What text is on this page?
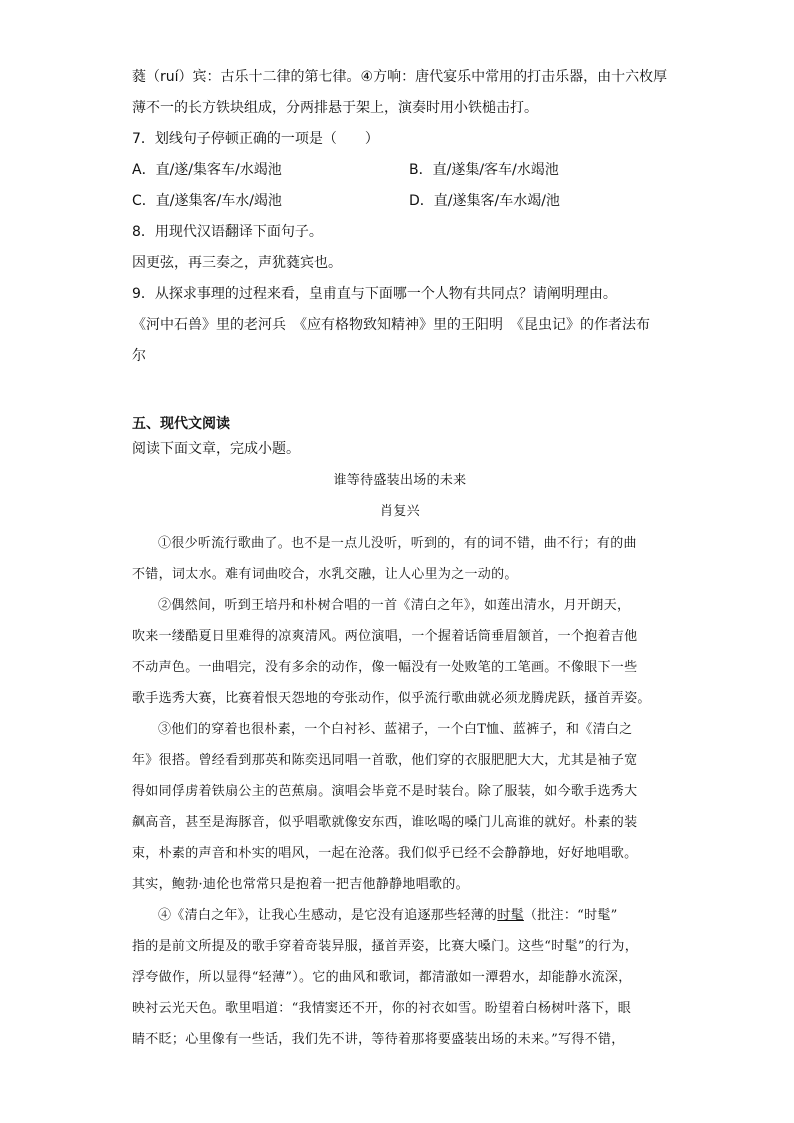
蕤（ruí）宾：古乐十二律的第七律。④方响：唐代宴乐中常用的打击乐器，由十六枚厚
薄不一的长方铁块组成，分两排悬于架上，演奏时用小铁槌击打。
7．划线句子停顿正确的一项是（　　）
A．直/遂/集客车/水竭池	B．直/遂集/客车/水竭池
C．直/遂集客/车水/竭池	D．直/遂集客/车水竭/池
8．用现代汉语翻译下面句子。
因更弦，再三奏之，声犹蕤宾也。
9．从探求事理的过程来看，皇甫直与下面哪一个人物有共同点？请阐明理由。
《河中石兽》里的老河兵　《应有格物致知精神》里的王阳明　《昆虫记》的作者法布
尔
五、现代文阅读
阅读下面文章，完成小题。
谁等待盛装出场的未来
肖复兴
①很少听流行歌曲了。也不是一点儿没听，听到的，有的词不错，曲不行；有的曲
不错，词太水。难有词曲咬合，水乳交融，让人心里为之一动的。
②偶然间，听到王培丹和朴树合唱的一首《清白之年》，如莲出清水，月开朗天，
吹来一缕酷夏日里难得的凉爽清风。两位演唱，一个握着话筒垂眉颔首，一个抱着吉他
不动声色。一曲唱完，没有多余的动作，像一幅没有一处败笔的工笔画。不像眼下一些
歌手选秀大赛，比赛着恨天怨地的夸张动作，似乎流行歌曲就必须龙腾虎跃，搔首弄姿。
③他们的穿着也很朴素，一个白衬衫、蓝裙子，一个白T恤、蓝裤子，和《清白之
年》很搭。曾经看到那英和陈奕迅同唱一首歌，他们穿的衣服肥肥大大，尤其是袖子宽
得如同俘虏着铁扇公主的芭蕉扇。演唱会毕竟不是时装台。除了服装，如今歌手选秀大
飙高音，甚至是海豚音，似乎唱歌就像安东西，谁吆喝的嗓门儿高谁的就好。朴素的装
束，朴素的声音和朴实的唱风，一起在沧落。我们似乎已经不会静静地，好好地唱歌。
其实，鲍勃·迪伦也常常只是抱着一把吉他静静地唱歌的。
④《清白之年》，让我心生感动，是它没有追逐那些轻薄的时髦（批注：“时髦”
指的是前文所提及的歌手穿着奇装异服，搔首弄姿，比赛大嗓门。这些“时髦”的行为，
浮夸做作，所以显得“轻薄”）。它的曲风和歌词，都清澈如一潭碧水，却能静水流深，
映衬云光天色。歌里唱道：“我情窦还不开，你的衬衣如雪。盼望着白杨树叶落下，眼
睛不眨；心里像有一些话，我们先不讲，等待着那将要盛装出场的未来。”写得不错，
